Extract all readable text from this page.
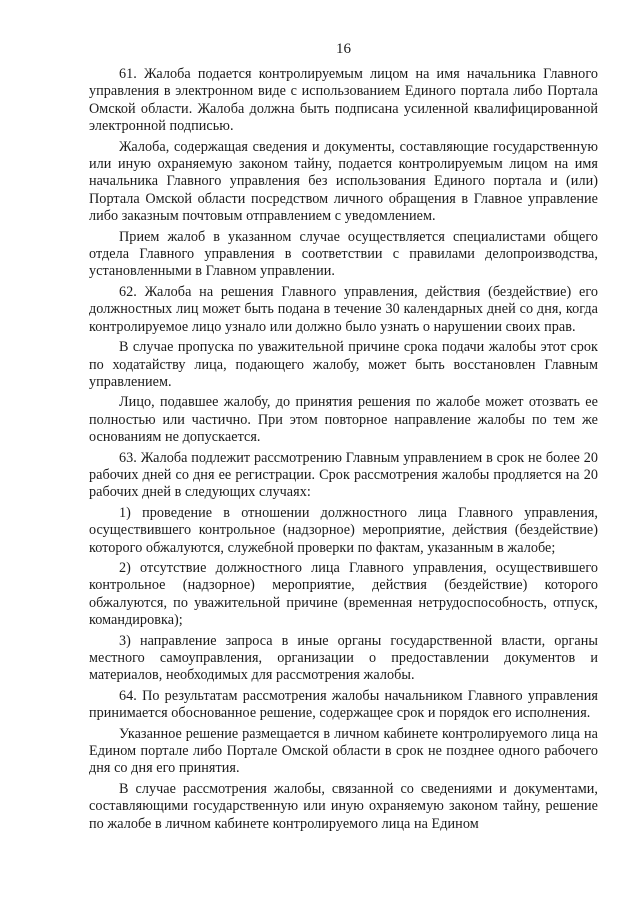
16

61. Жалоба подается контролируемым лицом на имя начальника Главного управления в электронном виде с использованием Единого портала либо Портала Омской области. Жалоба должна быть подписана усиленной квалифицированной электронной подписью.

Жалоба, содержащая сведения и документы, составляющие государственную или иную охраняемую законом тайну, подается контролируемым лицом на имя начальника Главного управления без использования Единого портала и (или) Портала Омской области посредством личного обращения в Главное управление либо заказным почтовым отправлением с уведомлением.

Прием жалоб в указанном случае осуществляется специалистами общего отдела Главного управления в соответствии с правилами делопроизводства, установленными в Главном управлении.

62. Жалоба на решения Главного управления, действия (бездействие) его должностных лиц может быть подана в течение 30 календарных дней со дня, когда контролируемое лицо узнало или должно было узнать о нарушении своих прав.

В случае пропуска по уважительной причине срока подачи жалобы этот срок по ходатайству лица, подающего жалобу, может быть восстановлен Главным управлением.

Лицо, подавшее жалобу, до принятия решения по жалобе может отозвать ее полностью или частично. При этом повторное направление жалобы по тем же основаниям не допускается.

63. Жалоба подлежит рассмотрению Главным управлением в срок не более 20 рабочих дней со дня ее регистрации. Срок рассмотрения жалобы продляется на 20 рабочих дней в следующих случаях:

1) проведение в отношении должностного лица Главного управления, осуществившего контрольное (надзорное) мероприятие, действия (бездействие) которого обжалуются, служебной проверки по фактам, указанным в жалобе;

2) отсутствие должностного лица Главного управления, осуществившего контрольное (надзорное) мероприятие, действия (бездействие) которого обжалуются, по уважительной причине (временная нетрудоспособность, отпуск, командировка);

3) направление запроса в иные органы государственной власти, органы местного самоуправления, организации о предоставлении документов и материалов, необходимых для рассмотрения жалобы.

64. По результатам рассмотрения жалобы начальником Главного управления принимается обоснованное решение, содержащее срок и порядок его исполнения.

Указанное решение размещается в личном кабинете контролируемого лица на Едином портале либо Портале Омской области в срок не позднее одного рабочего дня со дня его принятия.

В случае рассмотрения жалобы, связанной со сведениями и документами, составляющими государственную или иную охраняемую законом тайну, решение по жалобе в личном кабинете контролируемого лица на Едином
